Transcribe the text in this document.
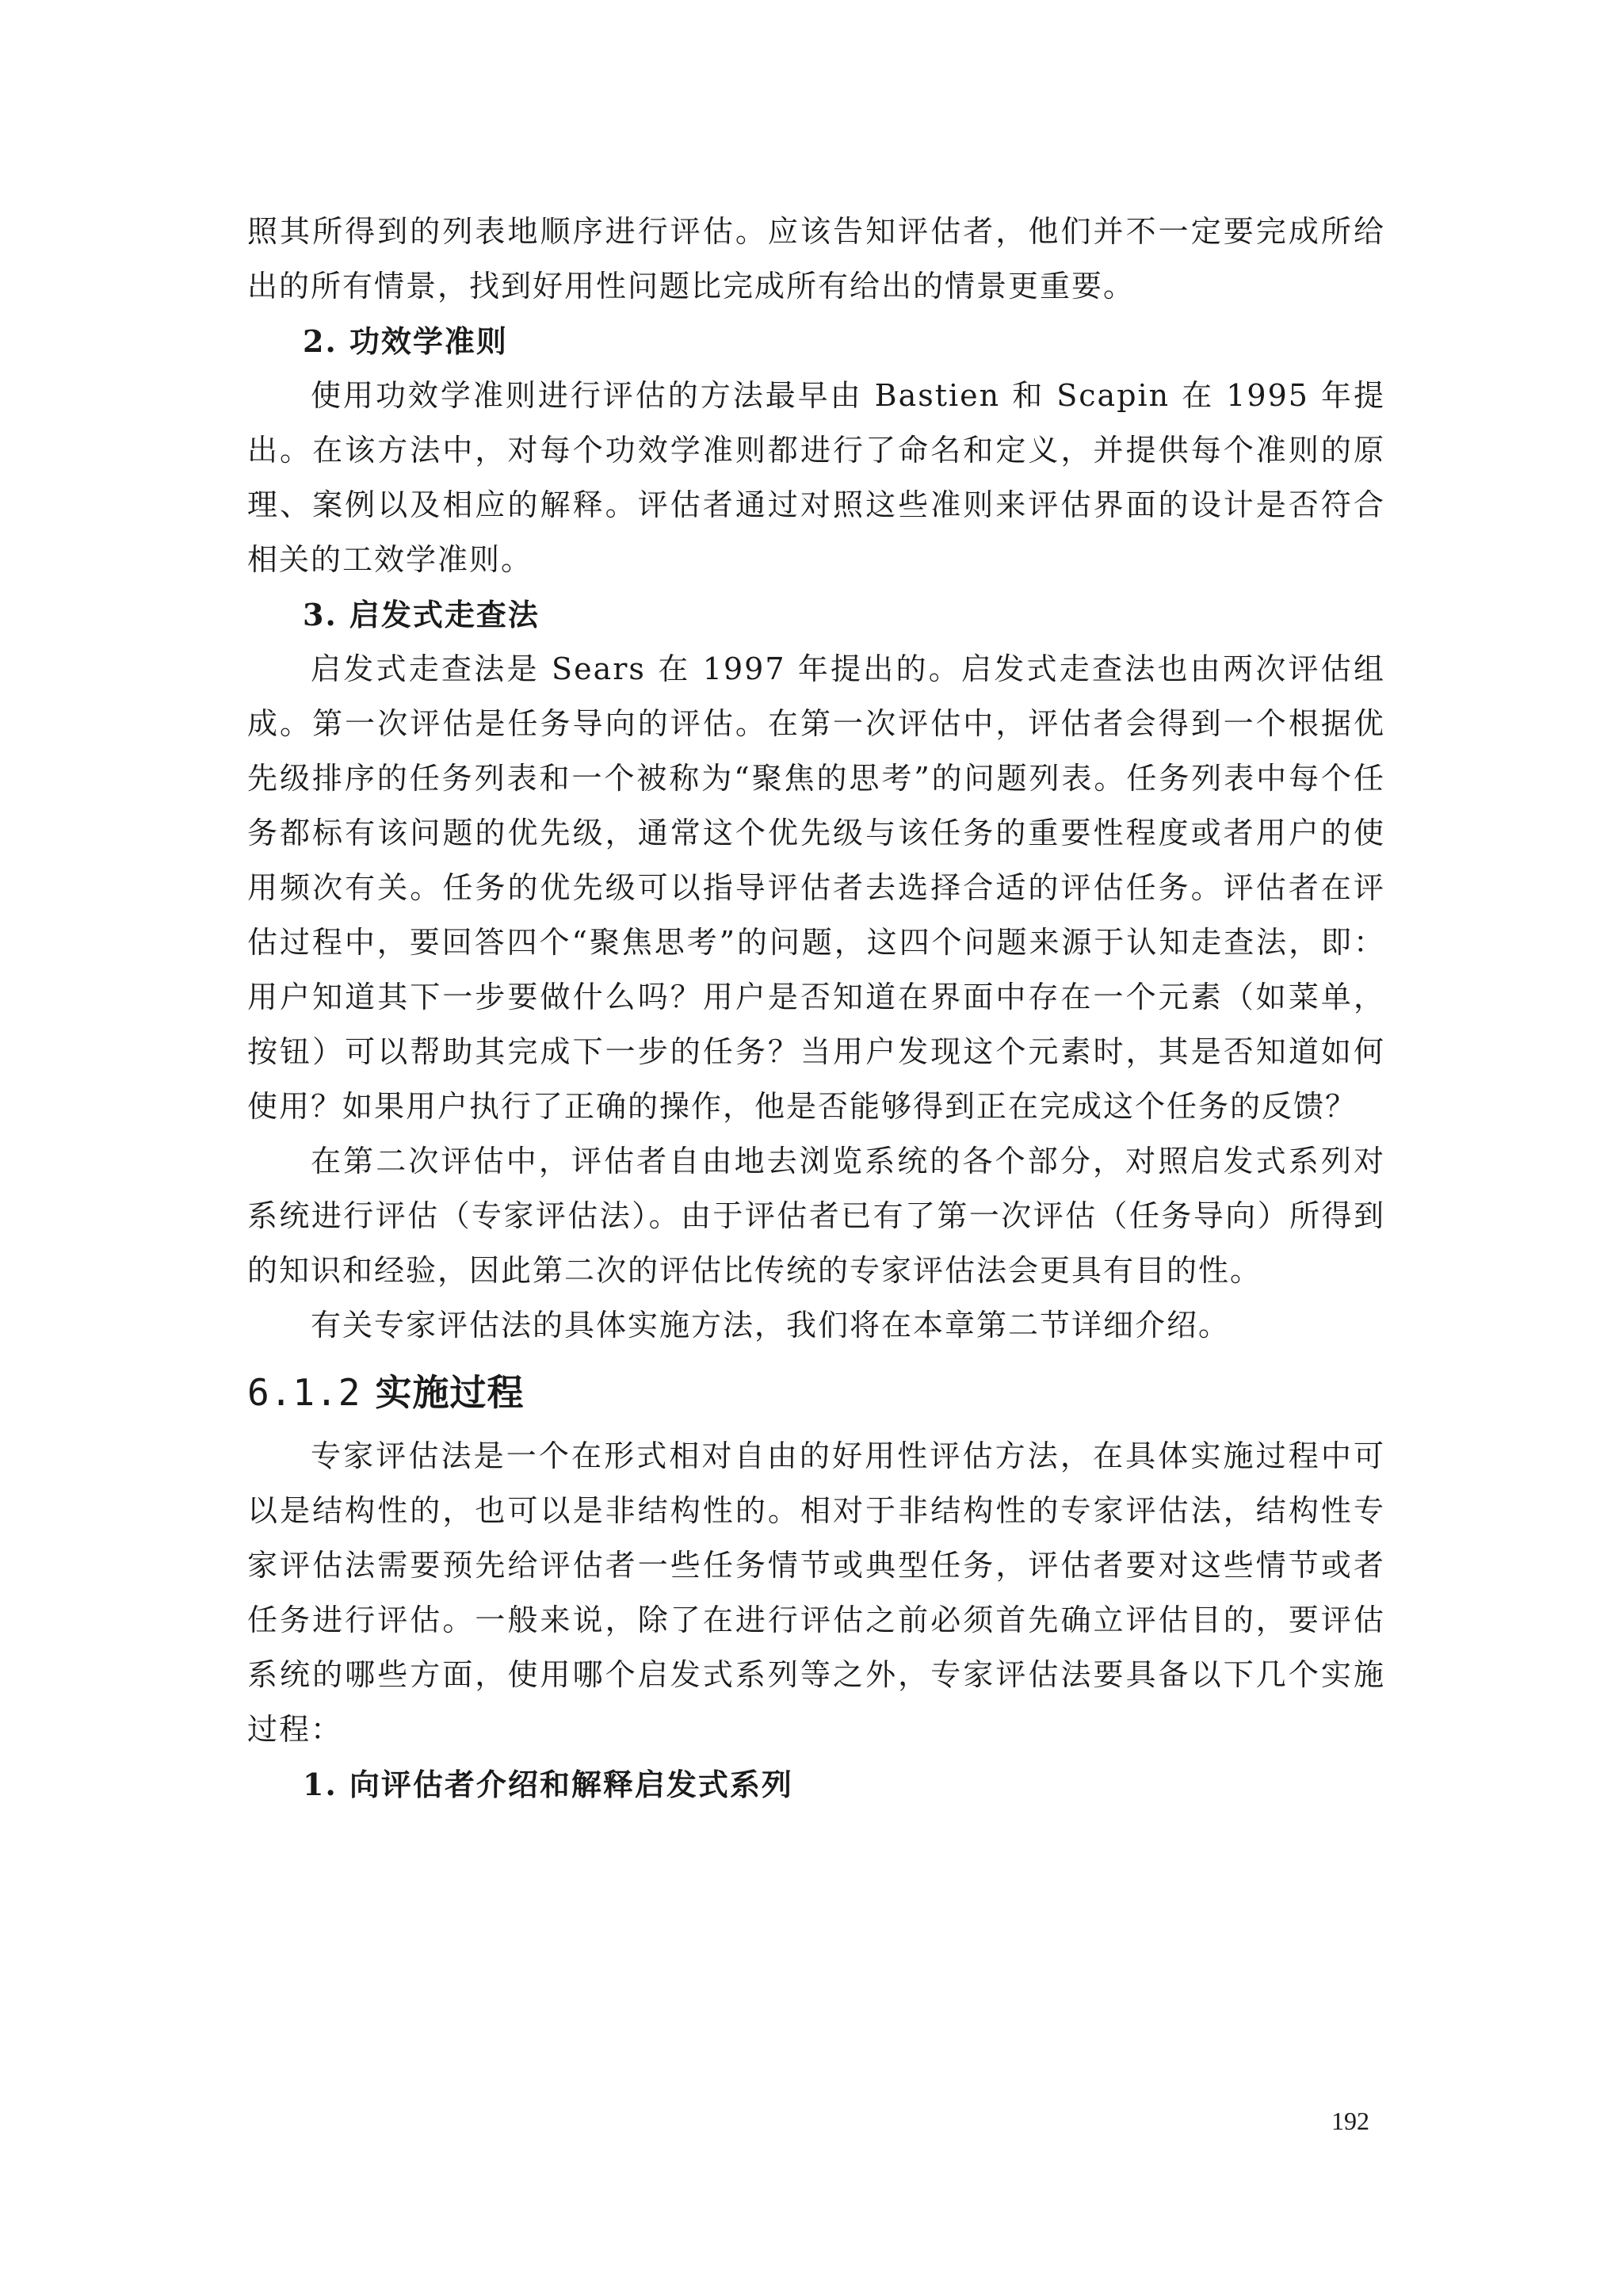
照其所得到的列表地顺序进行评估。应该告知评估者，他们并不一定要完成所给出的所有情景，找到好用性问题比完成所有给出的情景更重要。

2. 功效学准则

使用功效学准则进行评估的方法最早由 Bastien 和 Scapin 在 1995 年提出。在该方法中，对每个功效学准则都进行了命名和定义，并提供每个准则的原理、案例以及相应的解释。评估者通过对照这些准则来评估界面的设计是否符合相关的工效学准则。

3. 启发式走查法

启发式走查法是 Sears 在 1997 年提出的。启发式走查法也由两次评估组成。第一次评估是任务导向的评估。在第一次评估中，评估者会得到一个根据优先级排序的任务列表和一个被称为“聚焦的思考”的问题列表。任务列表中每个任务都标有该问题的优先级，通常这个优先级与该任务的重要性程度或者用户的使用频次有关。任务的优先级可以指导评估者去选择合适的评估任务。评估者在评估过程中，要回答四个“聚焦思考”的问题，这四个问题来源于认知走查法，即：用户知道其下一步要做什么吗？用户是否知道在界面中存在一个元素（如菜单，按钮）可以帮助其完成下一步的任务？当用户发现这个元素时，其是否知道如何使用？如果用户执行了正确的操作，他是否能够得到正在完成这个任务的反馈？

在第二次评估中，评估者自由地去浏览系统的各个部分，对照启发式系列对系统进行评估（专家评估法）。由于评估者已有了第一次评估（任务导向）所得到的知识和经验，因此第二次的评估比传统的专家评估法会更具有目的性。

有关专家评估法的具体实施方法，我们将在本章第二节详细介绍。

6.1.2 实施过程

专家评估法是一个在形式相对自由的好用性评估方法，在具体实施过程中可以是结构性的，也可以是非结构性的。相对于非结构性的专家评估法，结构性专家评估法需要预先给评估者一些任务情节或典型任务，评估者要对这些情节或者任务进行评估。一般来说，除了在进行评估之前必须首先确立评估目的，要评估系统的哪些方面，使用哪个启发式系列等之外，专家评估法要具备以下几个实施过程：

1. 向评估者介绍和解释启发式系列

192
